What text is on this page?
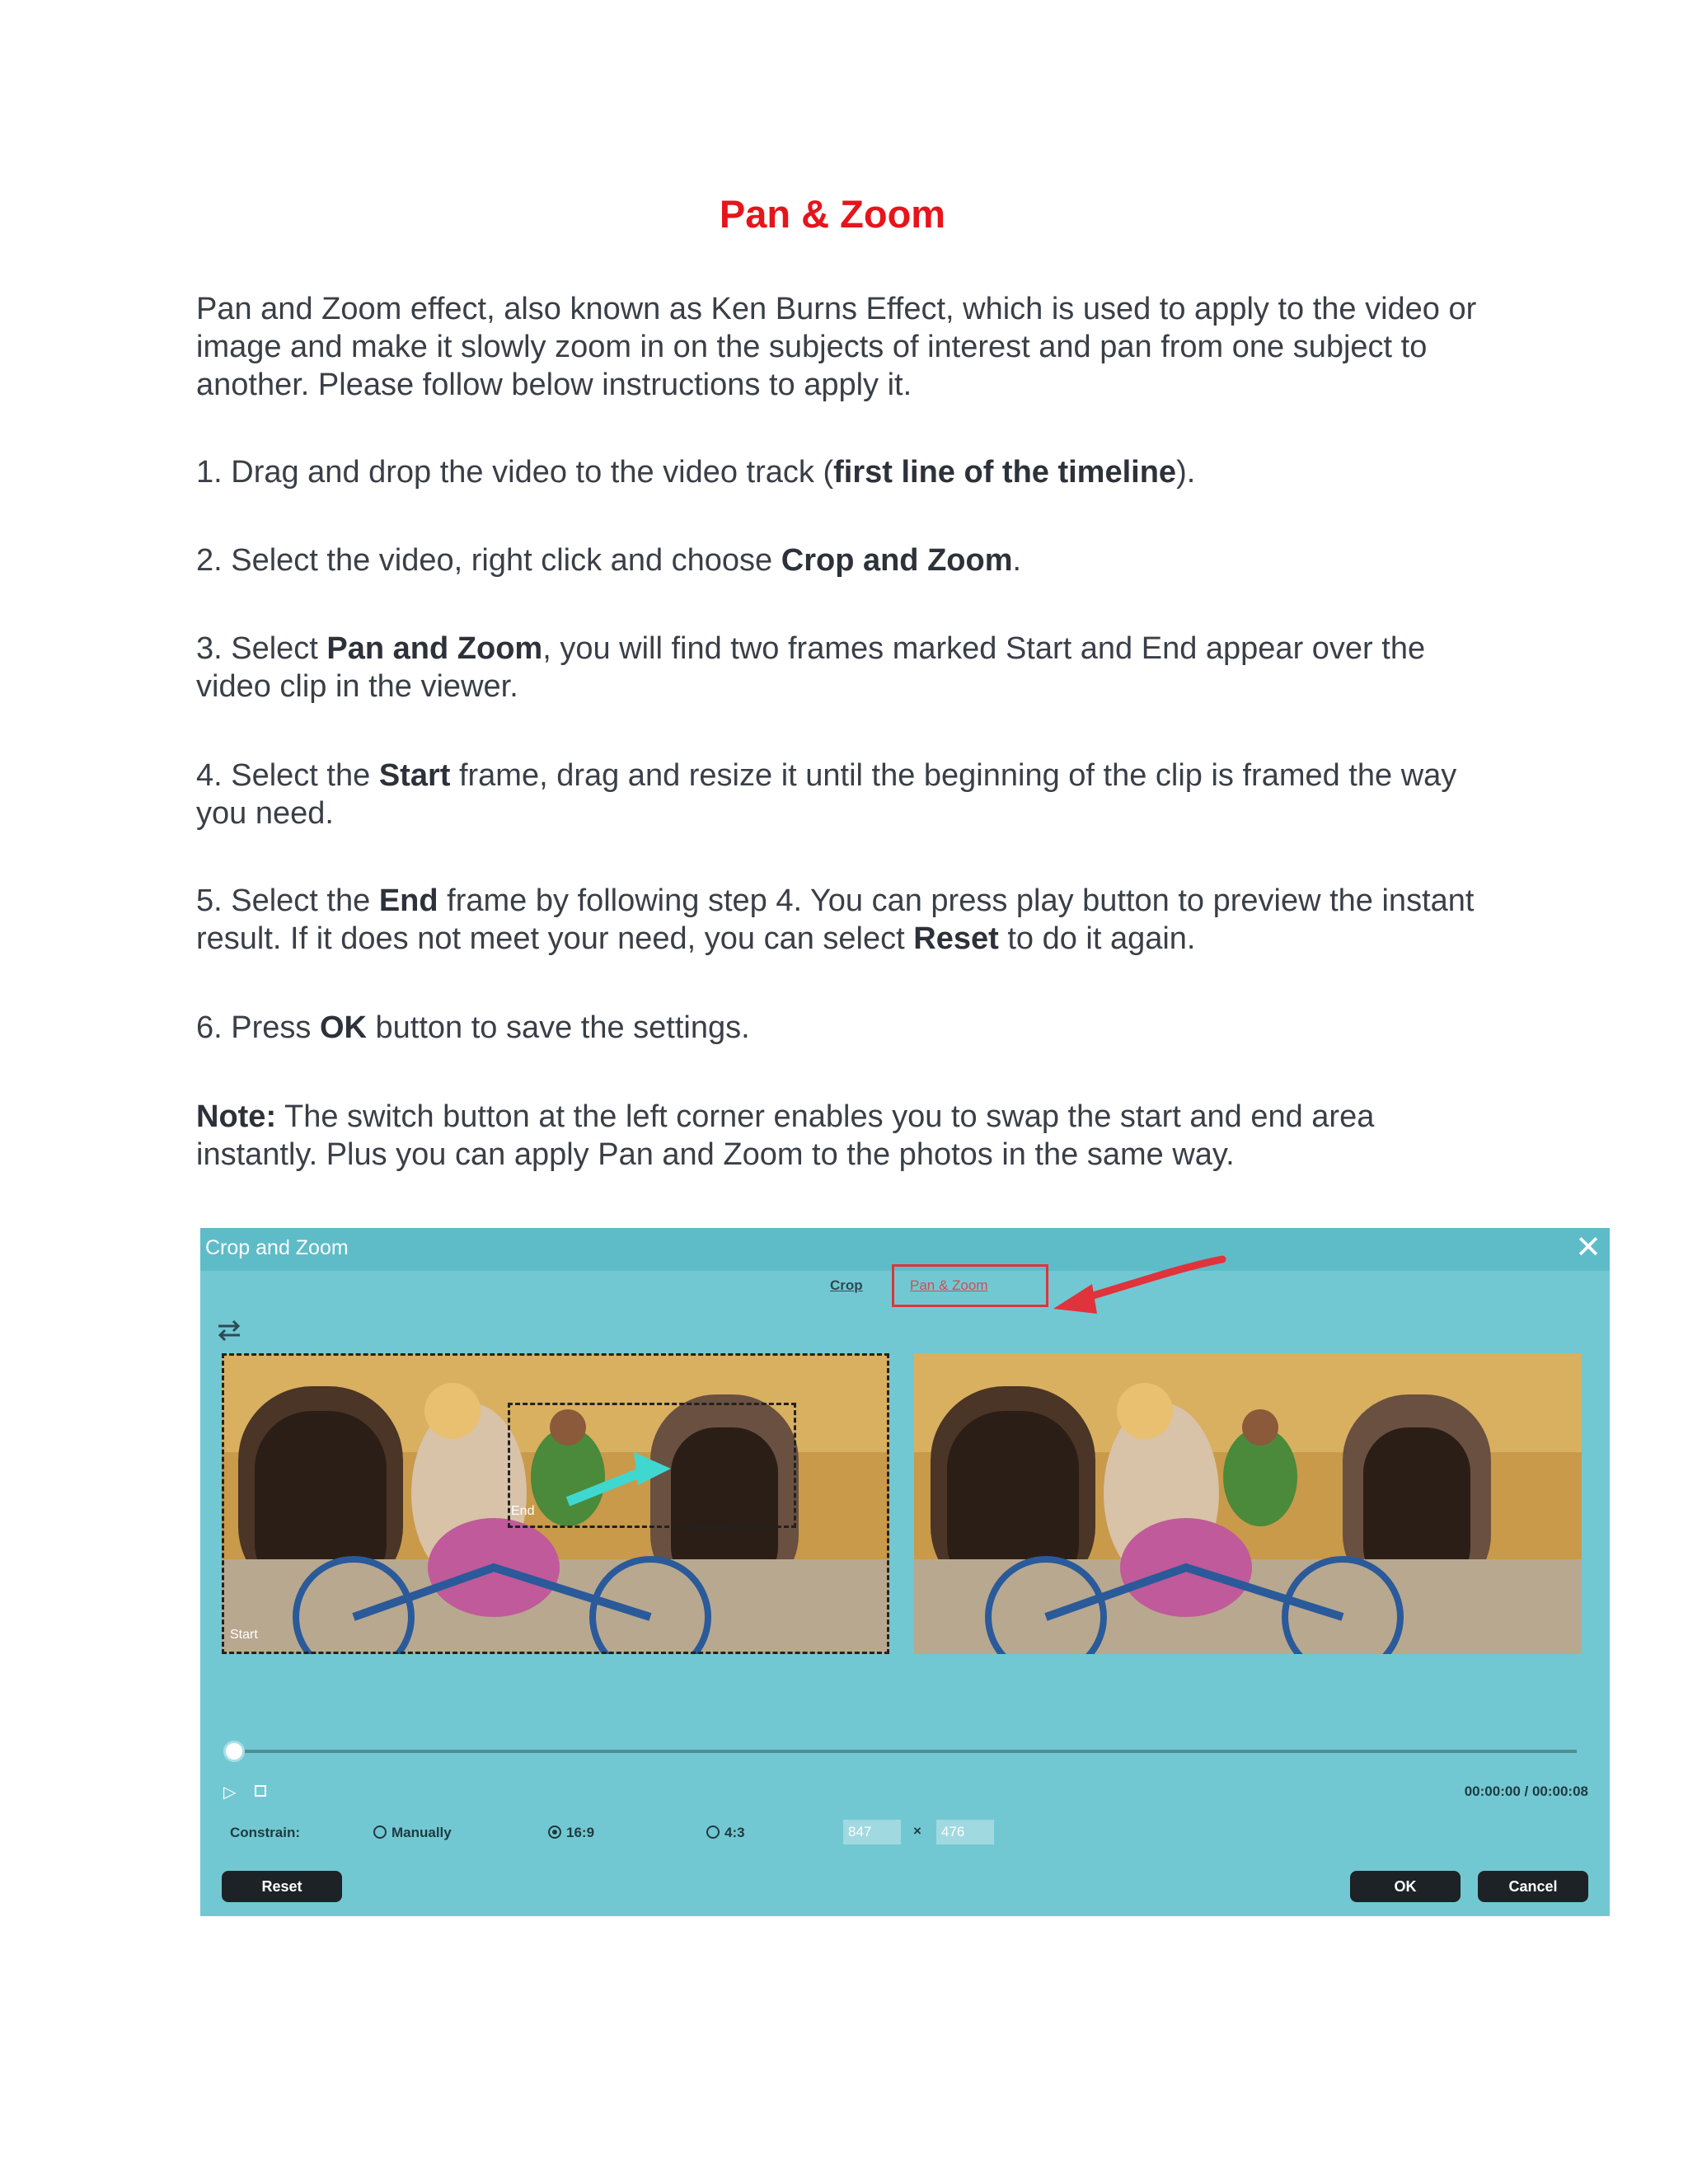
Pan & Zoom

Pan and Zoom effect, also known as Ken Burns Effect, which is used to apply to the video or image and make it slowly zoom in on the subjects of interest and pan from one subject to another. Please follow below instructions to apply it.

1. Drag and drop the video to the video track (first line of the timeline).

2. Select the video, right click and choose Crop and Zoom.

3. Select Pan and Zoom, you will find two frames marked Start and End appear over the video clip in the viewer.

4. Select the Start frame, drag and resize it until the beginning of the clip is framed the way you need.

5. Select the End frame by following step 4. You can press play button to preview the instant result. If it does not meet your need, you can select Reset to do it again.

6. Press OK button to save the settings.

Note: The switch button at the left corner enables you to swap the start and end area instantly. Plus you can apply Pan and Zoom to the photos in the same way.

Crop and Zoom	✕
Crop	Pan & Zoom
End
Start
▷	00:00:00 / 00:00:08
Constrain:	Manually	16:9	4:3	847	×	476
Reset	OK	Cancel
